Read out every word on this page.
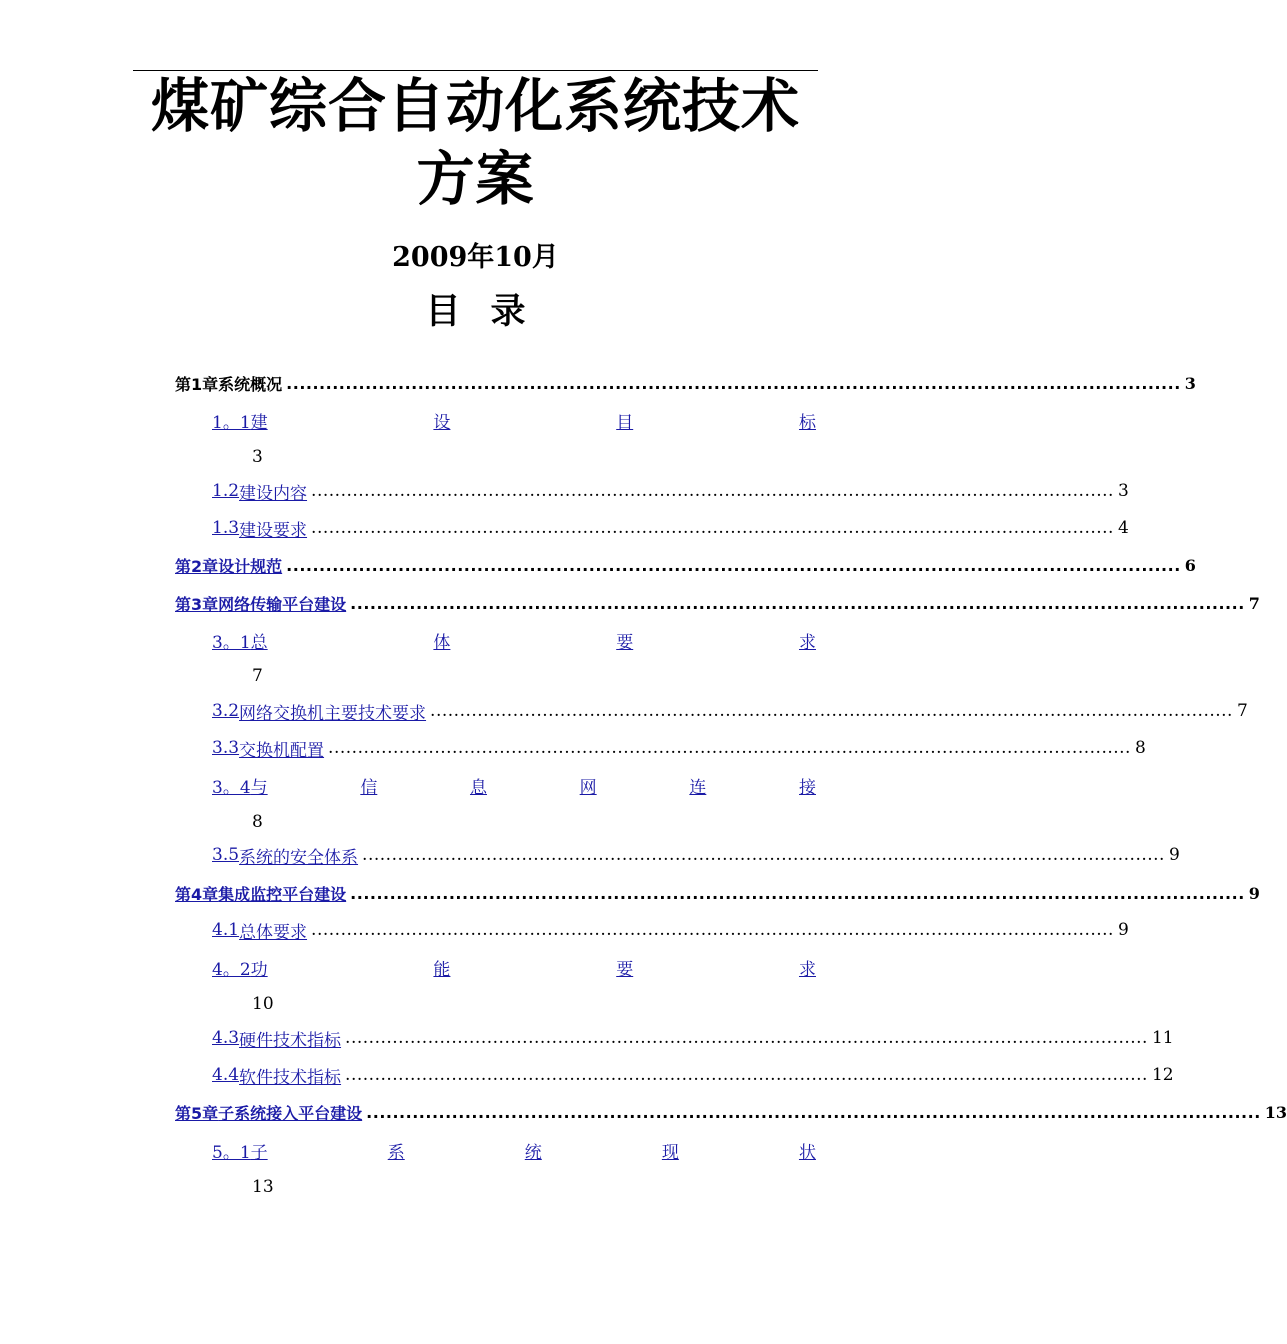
煤矿综合自动化系统技术
方案
2009年10月
目 录
第1章 系统概况 ........................................................................................................................................ 3
1。1建	设	目	标
3
1.2 建设内容 ........................................................................................................................................ 3
1.3 建设要求 ........................................................................................................................................ 4
第2章 设计规范 ........................................................................................................................................ 6
第3章 网络传输平台建设 ........................................................................................................................................ 7
3。1总	体	要	求
7
3.2 网络交换机主要技术要求 ........................................................................................................................................ 7
3.3 交换机配置 ........................................................................................................................................ 8
3。4与	信	息	网	连	接
8
3.5 系统的安全体系 ........................................................................................................................................ 9
第4章 集成监控平台建设 ........................................................................................................................................ 9
4.1 总体要求 ........................................................................................................................................ 9
4。2功	能	要	求
10
4.3 硬件技术指标 ........................................................................................................................................ 11
4.4 软件技术指标 ........................................................................................................................................ 12
第5章 子系统接入平台建设 ........................................................................................................................................ 13
5。1子	系	统	现	状
13
